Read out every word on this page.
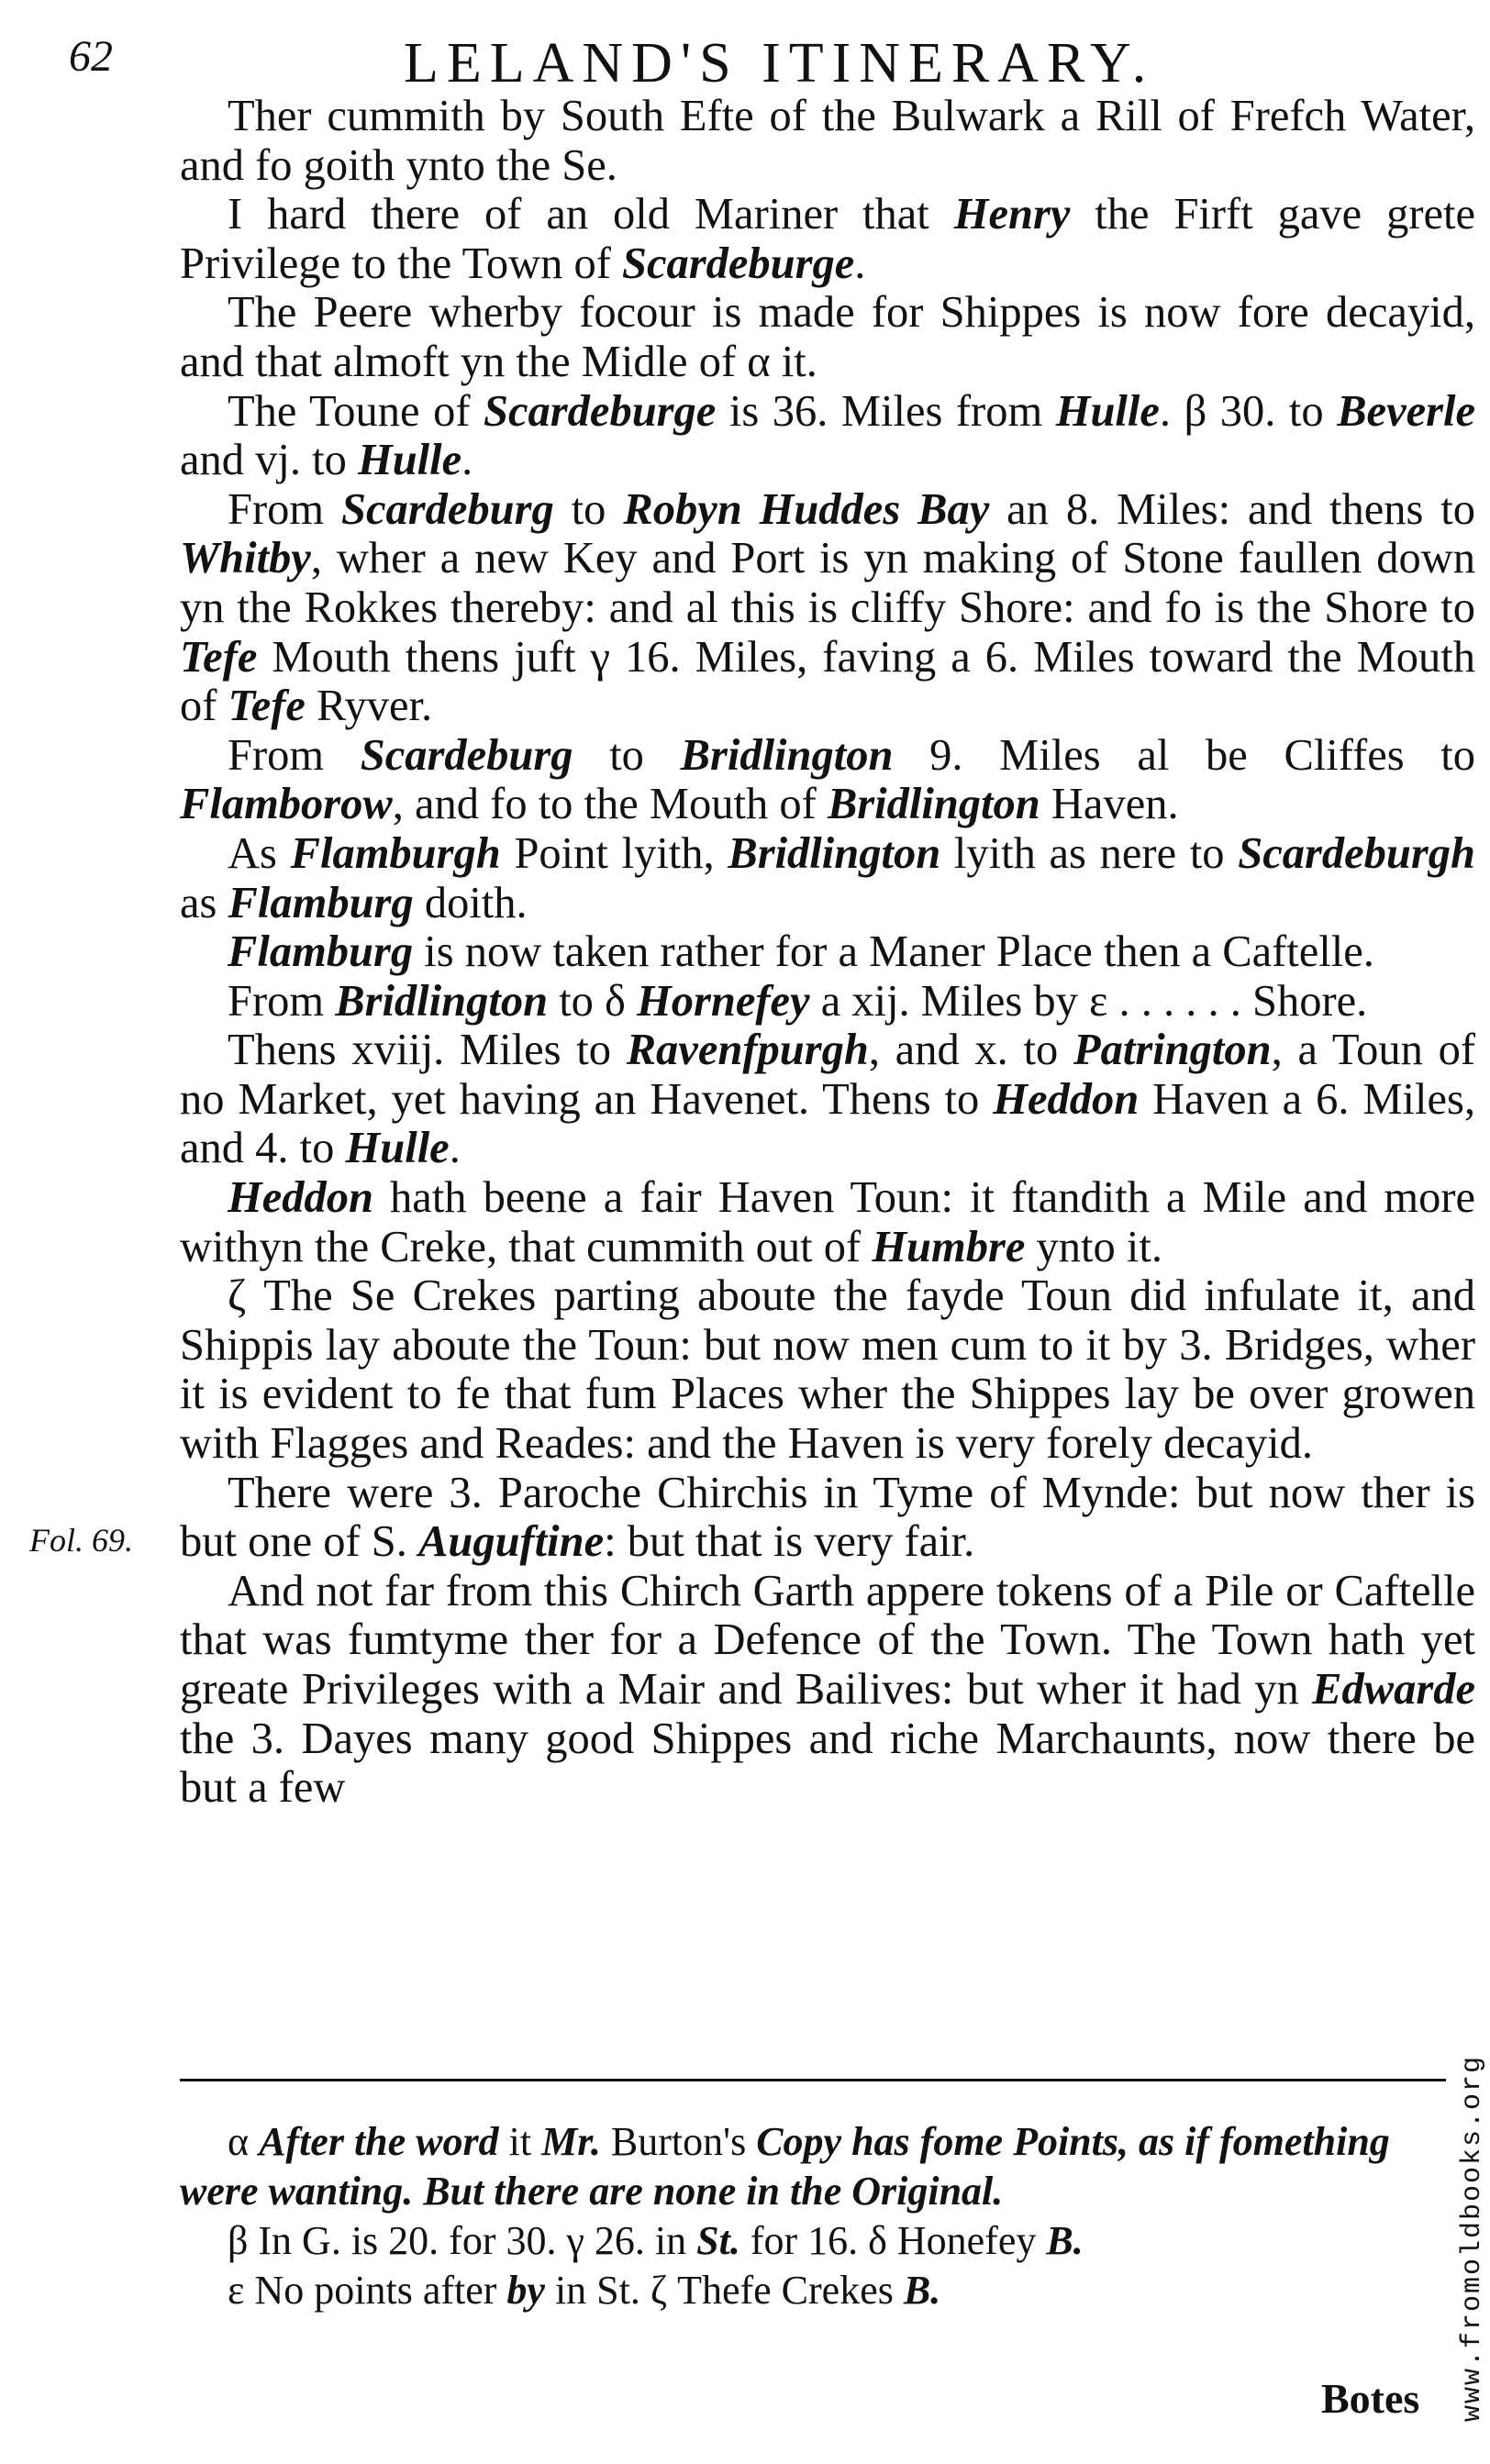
62	LELAND'S ITINERARY.
Fol. 69.

Ther cummith by South Efte of the Bulwark a Rill of Frefch Water, and fo goith ynto the Se.

I hard there of an old Mariner that Henry the Firft gave grete Privilege to the Town of Scardeburge.

The Peere wherby focour is made for Shippes is now fore decayid, and that almoft yn the Midle of α it.

The Toune of Scardeburge is 36. Miles from Hulle. β 30. to Beverle and vj. to Hulle.

From Scardeburg to Robyn Huddes Bay an 8. Miles: and thens to Whitby, wher a new Key and Port is yn making of Stone faullen down yn the Rokkes thereby: and al this is cliffy Shore: and fo is the Shore to Tefe Mouth thens juft γ 16. Miles, faving a 6. Miles toward the Mouth of Tefe Ryver.

From Scardeburg to Bridlington 9. Miles al be Cliffes to Flamborow, and fo to the Mouth of Bridlington Haven.

As Flamburgh Point lyith, Bridlington lyith as nere to Scardeburgh as Flamburg doith.

Flamburg is now taken rather for a Maner Place then a Caftelle.

From Bridlington to δ Hornefey a xij. Miles by ε . . . . . . Shore.

Thens xviij. Miles to Ravenfpurgh, and x. to Patrington, a Toun of no Market, yet having an Havenet. Thens to Heddon Haven a 6. Miles, and 4. to Hulle.

Heddon hath beene a fair Haven Toun: it ftandith a Mile and more withyn the Creke, that cummith out of Humbre ynto it.

ζ The Se Crekes parting aboute the fayde Toun did infulate it, and Shippis lay aboute the Toun: but now men cum to it by 3. Bridges, wher it is evident to fe that fum Places wher the Shippes lay be over growen with Flagges and Reades: and the Haven is very forely decayid.

There were 3. Paroche Chirchis in Tyme of Mynde: but now ther is but one of S. Auguftine: but that is very fair.

And not far from this Chirch Garth appere tokens of a Pile or Caftelle that was fumtyme ther for a Defence of the Town. The Town hath yet greate Privileges with a Mair and Bailives: but wher it had yn Edwarde the 3. Dayes many good Shippes and riche Marchaunts, now there be but a few

α After the word it Mr. Burton's Copy has fome Points, as if fomething were wanting. But there are none in the Original.

β In G. is 20. for 30. γ 26. in St. for 16. δ Honefey B.

ε No points after by in St. ζ Thefe Crekes B.

Botes www.fromoldbooks.org
